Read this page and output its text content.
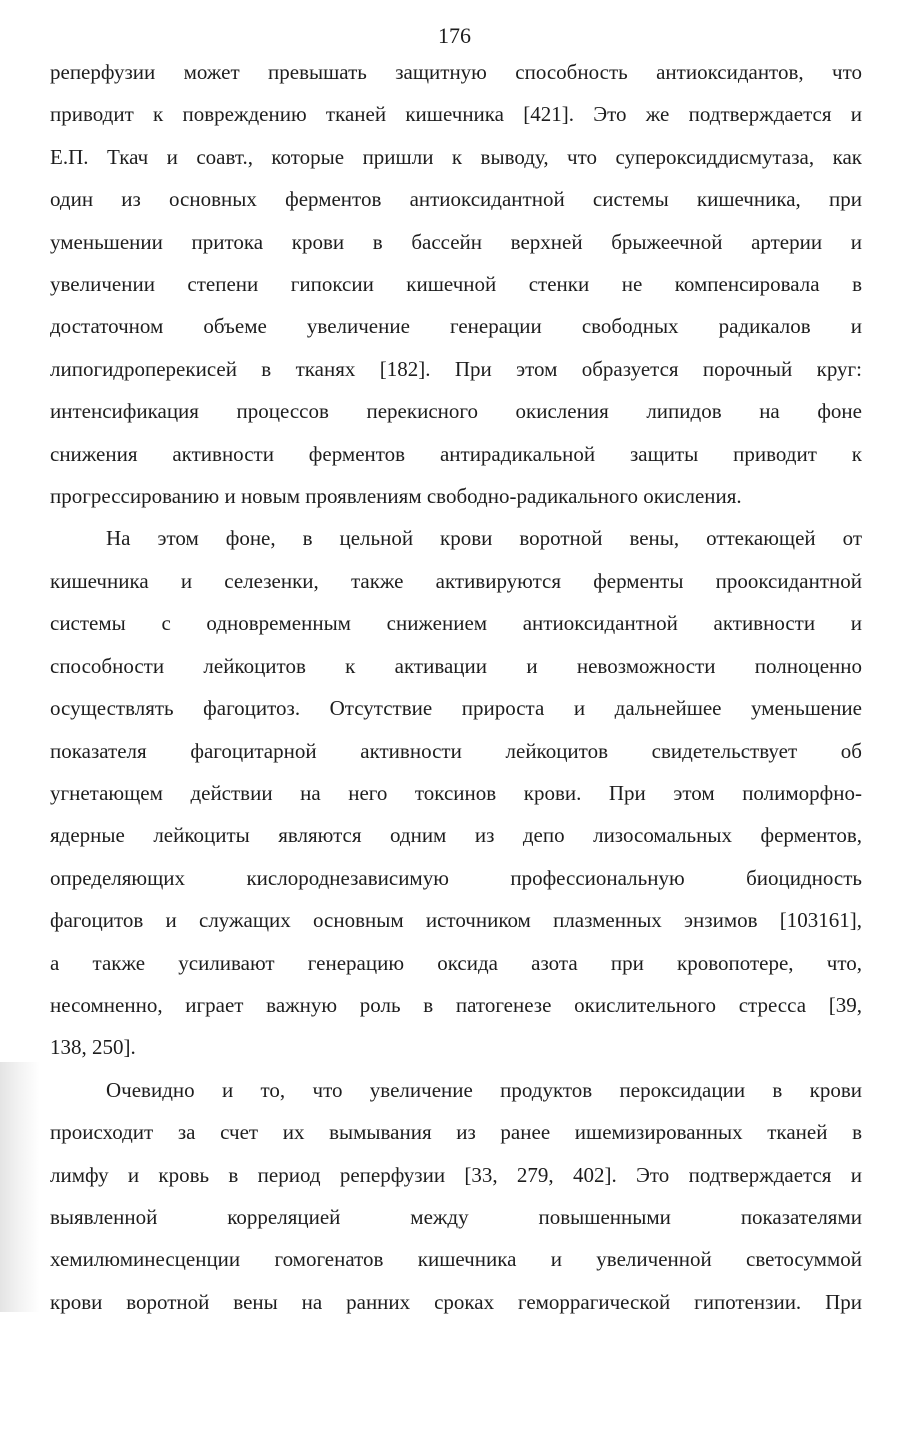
176

реперфузии может превышать защитную способность антиоксидантов, что
приводит к повреждению тканей кишечника [421]. Это же подтверждается и
Е.П. Ткач и соавт., которые пришли к выводу, что супероксиддисмутаза, как
один из основных ферментов антиоксидантной системы кишечника, при
уменьшении притока крови в бассейн верхней брыжеечной артерии и
увеличении степени гипоксии кишечной стенки не компенсировала в
достаточном объеме увеличение генерации свободных радикалов и
липогидроперекисей в тканях [182]. При этом образуется порочный круг:
интенсификация процессов перекисного окисления липидов на фоне
снижения активности ферментов антирадикальной защиты приводит к
прогрессированию и новым проявлениям свободно-радикального окисления.

На этом фоне, в цельной крови воротной вены, оттекающей от
кишечника и селезенки, также активируются ферменты прооксидантной
системы с одновременным снижением антиоксидантной активности и
способности лейкоцитов к активации и невозможности полноценно
осуществлять фагоцитоз. Отсутствие прироста и дальнейшее уменьшение
показателя фагоцитарной активности лейкоцитов свидетельствует об
угнетающем действии на него токсинов крови. При этом полиморфно-
ядерные лейкоциты являются одним из депо лизосомальных ферментов,
определяющих кислороднезависимую профессиональную биоцидность
фагоцитов и служащих основным источником плазменных энзимов [103161],
а также усиливают генерацию оксида азота при кровопотере, что,
несомненно, играет важную роль в патогенезе окислительного стресса [39,
138, 250].

Очевидно и то, что увеличение продуктов пероксидации в крови
происходит за счет их вымывания из ранее ишемизированных тканей в
лимфу и кровь в период реперфузии [33, 279, 402]. Это подтверждается и
выявленной корреляцией между повышенными показателями
хемилюминесценции гомогенатов кишечника и увеличенной светосуммой
крови воротной вены на ранних сроках геморрагической гипотензии. При
